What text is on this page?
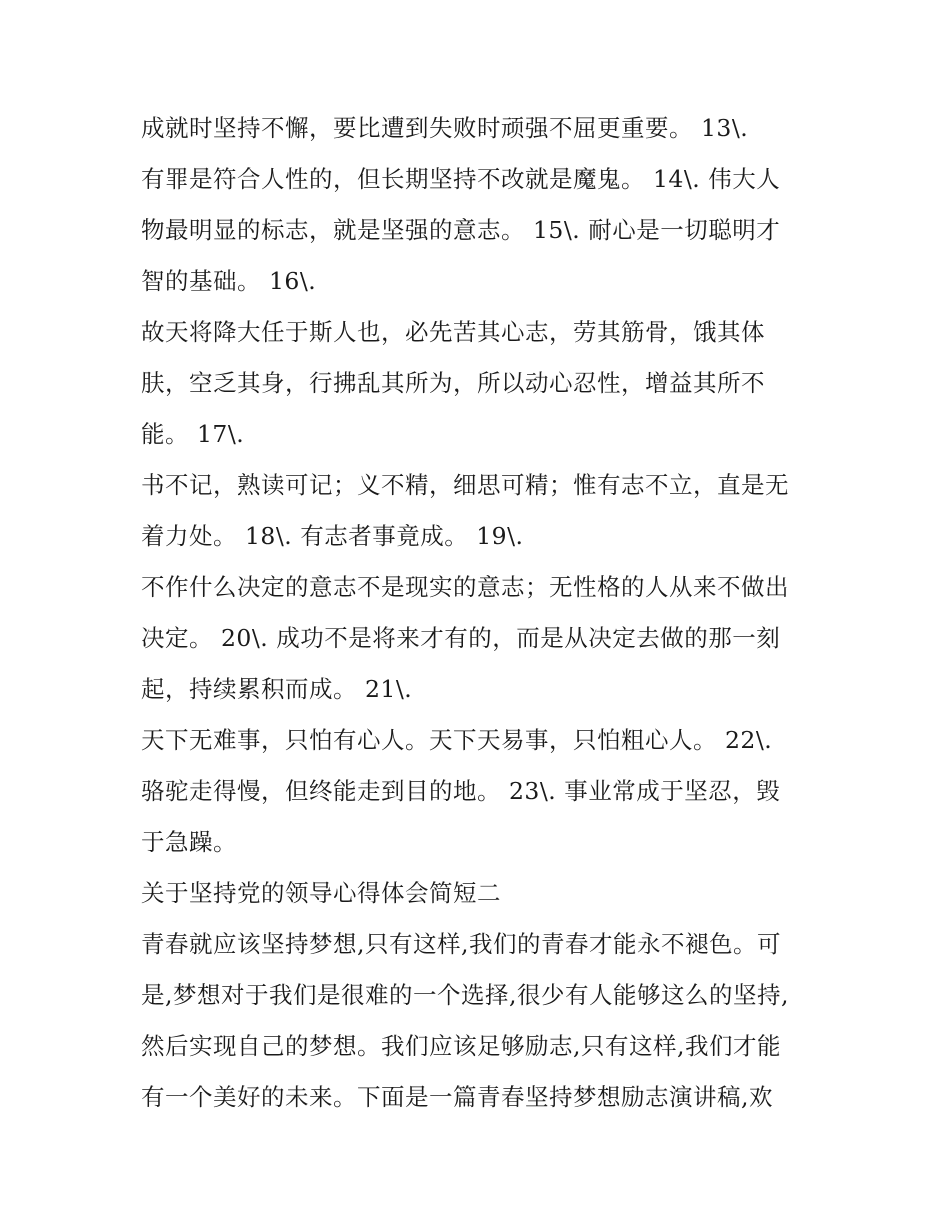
成就时坚持不懈，要比遭到失败时顽强不屈更重要。 13\.
有罪是符合人性的，但长期坚持不改就是魔鬼。 14\. 伟大人
物最明显的标志，就是坚强的意志。 15\. 耐心是一切聪明才
智的基础。 16\.
故天将降大任于斯人也，必先苦其心志，劳其筋骨，饿其体
肤，空乏其身，行拂乱其所为，所以动心忍性，增益其所不
能。 17\.
书不记，熟读可记；义不精，细思可精；惟有志不立，直是无
着力处。 18\. 有志者事竟成。 19\.
不作什么决定的意志不是现实的意志；无性格的人从来不做出
决定。 20\. 成功不是将来才有的，而是从决定去做的那一刻
起，持续累积而成。 21\.
天下无难事，只怕有心人。天下天易事，只怕粗心人。 22\.
骆驼走得慢，但终能走到目的地。 23\. 事业常成于坚忍，毁
于急躁。
关于坚持党的领导心得体会简短二
青春就应该坚持梦想,只有这样,我们的青春才能永不褪色。可
是,梦想对于我们是很难的一个选择,很少有人能够这么的坚持,
然后实现自己的梦想。我们应该足够励志,只有这样,我们才能
有一个美好的未来。下面是一篇青春坚持梦想励志演讲稿,欢
